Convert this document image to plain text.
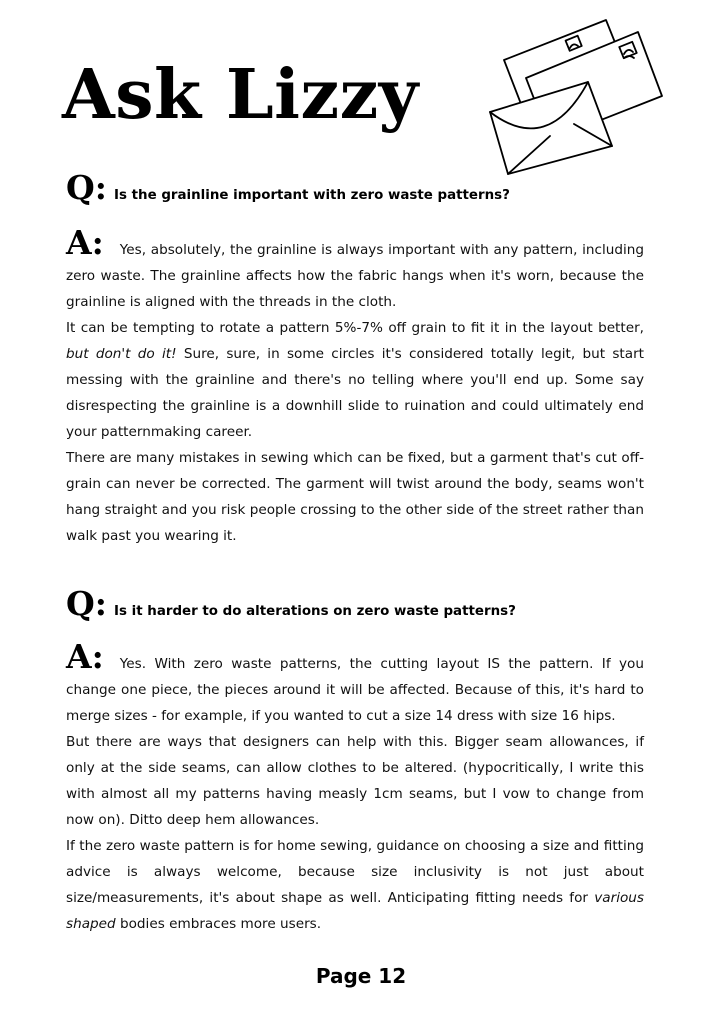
Ask Lizzy
Q: Is the grainline important with zero waste patterns?

A: Yes, absolutely, the grainline is always important with any pattern, including zero waste. The grainline affects how the fabric hangs when it's worn, because the grainline is aligned with the threads in the cloth.

It can be tempting to rotate a pattern 5%-7% off grain to fit it in the layout better, but don't do it! Sure, sure, in some circles it's considered totally legit, but start messing with the grainline and there's no telling where you'll end up. Some say disrespecting the grainline is a downhill slide to ruination and could ultimately end your patternmaking career.

There are many mistakes in sewing which can be fixed, but a garment that's cut off-grain can never be corrected. The garment will twist around the body, seams won't hang straight and you risk people crossing to the other side of the street rather than walk past you wearing it.

Q: Is it harder to do alterations on zero waste patterns?

A: Yes. With zero waste patterns, the cutting layout IS the pattern. If you change one piece, the pieces around it will be affected. Because of this, it's hard to merge sizes - for example, if you wanted to cut a size 14 dress with size 16 hips.

But there are ways that designers can help with this. Bigger seam allowances, if only at the side seams, can allow clothes to be altered. (hypocritically, I write this with almost all my patterns having measly 1cm seams, but I vow to change from now on). Ditto deep hem allowances.

If the zero waste pattern is for home sewing, guidance on choosing a size and fitting advice is always welcome, because size inclusivity is not just about size/measurements, it's about shape as well. Anticipating fitting needs for various shaped bodies embraces more users.

Page 12
